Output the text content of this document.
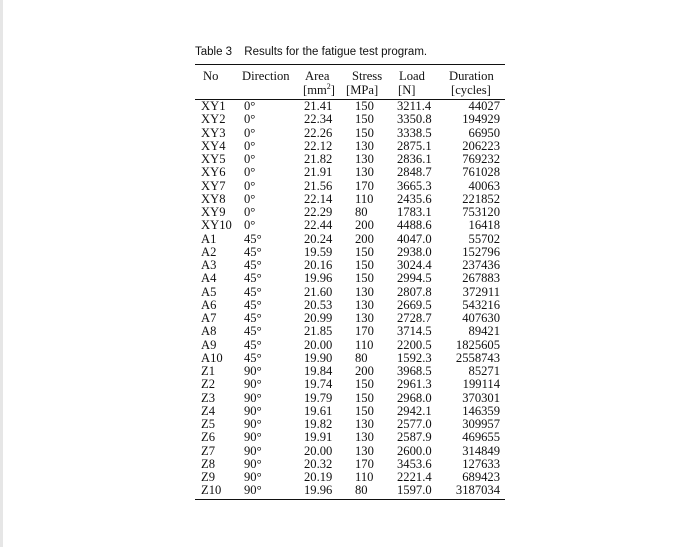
Table 3 Results for the fatigue test program.
No Direction Area Stress Load Duration
$[mm^2]$ [MPa] [N]	[cycles]
XY1	0°	21.41	150	3211.4	44027
XY2	0°	22.34	150	3350.8	194929
XY3	0°	22.26	150	3338.5	66950
XY4	0°	22.12	130	2875.1	206223
XY5	0°	21.82	130	2836.1	769232
XY6	0°	21.91	130	2848.7	761028
XY7	0°	21.56	170	3665.3	40063
XY8	0°	22.14	110	2435.6	221852
XY9	0°	22.29	80	1783.1	753120
XY10 0°	22.44	200	4488.6	16418
A1	45°	20.24	200	4047.0	55702
A2	45°	19.59	150	2938.0	152796
A3	45°	20.16	150	3024.4	237436
A4	45°	19.96	150	2994.5	267883
A5	45°	21.60	130	2807.8	372911
A6	45°	20.53	130	2669.5	543216
A7	45°	20.99	130	2728.7	407630
A8	45°	21.85	170	3714.5	89421
A9	45°	20.00	110	2200.5	1825605
A10	45°	19.90	80	1592.3	2558743
Z1	90°	19.84	200	3968.5	85271
Z2	90°	19.74	150	2961.3	199114
Z3	90°	19.79	150	2968.0	370301
Z4	90°	19.61	150	2942.1	146359
Z5	90°	19.82	130	2577.0	309957
Z6	90°	19.91	130	2587.9	469655
Z7	90°	20.00	130	2600.0	314849
Z8	90°	20.32	170	3453.6	127633
Z9	90°	20.19	110	2221.4	689423
Z10	90°	19.96	80	1597.0	3187034
